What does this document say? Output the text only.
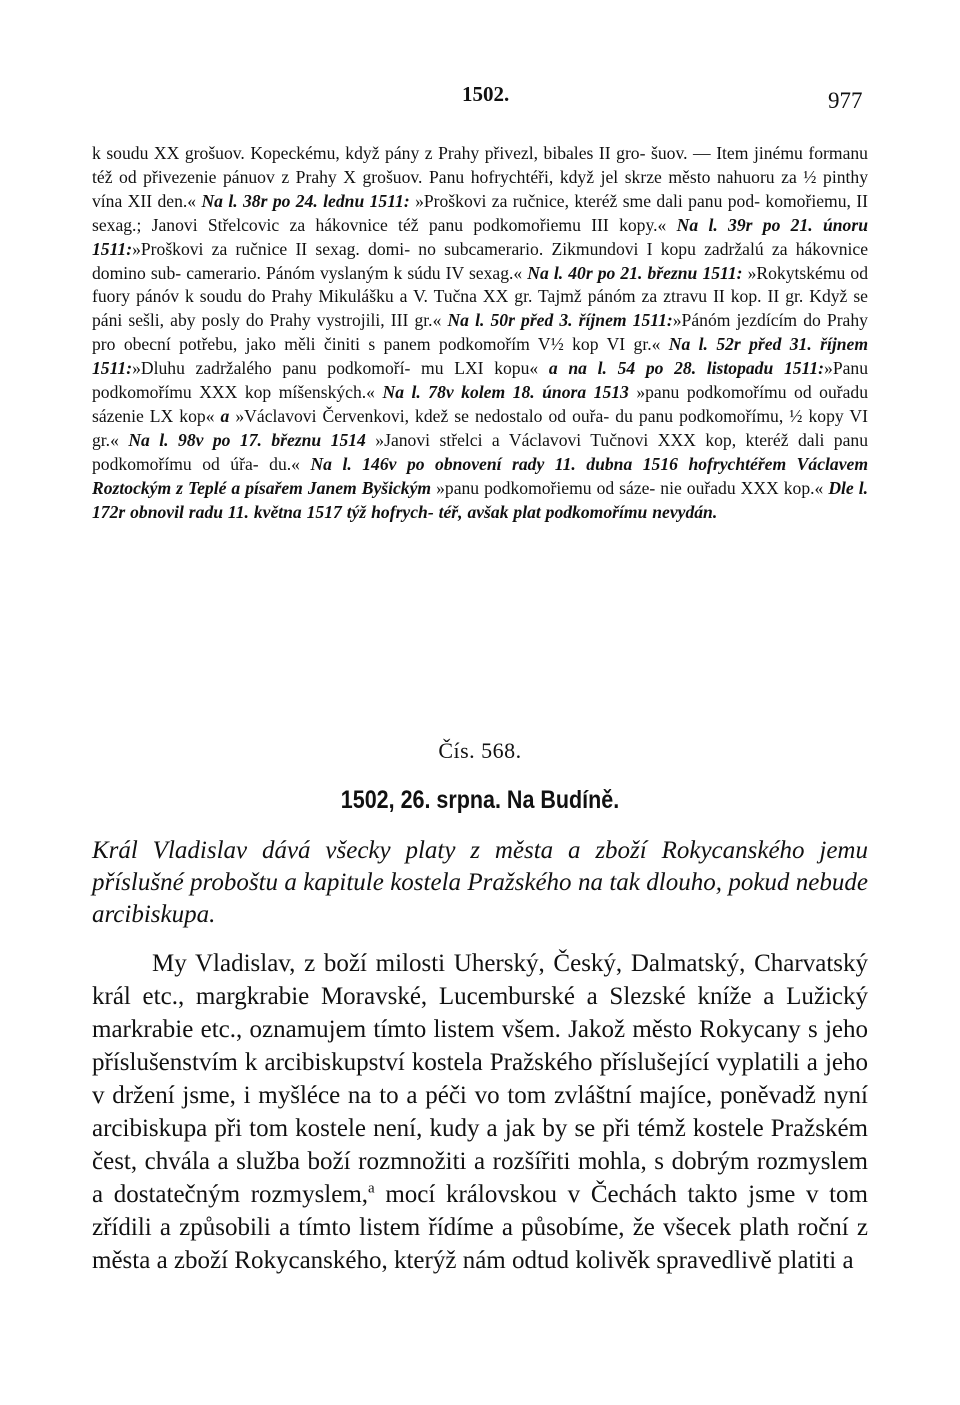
1502.	977

k soudu XX grošuov. Kopeckému, když pány z Prahy přivezl, bibales II gro- šuov. — Item jinému formanu též od přivezenie pánuov z Prahy X grošuov. Panu hofrychtéři, když jel skrze město nahuoru za ½ pinthy vína XII den.« Na l. 38r po 24. lednu 1511: »Proškovi za ručnice, kteréž sme dali panu pod- komořiemu, II sexag.; Janovi Střelcovic za hákovnice též panu podkomořiemu III kopy.« Na l. 39r po 21. únoru 1511:»Proškovi za ručnice II sexag. domi- no subcamerario. Zikmundovi I kopu zadržalú za hákovnice domino sub- camerario. Pánóm vyslaným k súdu IV sexag.« Na l. 40r po 21. březnu 1511: »Rokytskému od fuory pánóv k soudu do Prahy Mikulášku a V. Tučna XX gr. Tajmž pánóm za ztravu II kop. II gr. Když se páni sešli, aby posly do Prahy vystrojili, III gr.« Na l. 50r před 3. říjnem 1511:»Pánóm jezdícím do Prahy pro obecní potřebu, jako měli činiti s panem podkomořím V½ kop VI gr.« Na l. 52r před 31. říjnem 1511:»Dluhu zadržalého panu podkomoří- mu LXI kopu« a na l. 54 po 28. listopadu 1511:»Panu podkomořímu XXX kop míšenských.« Na l. 78v kolem 18. února 1513 »panu podkomořímu od ouřadu sázenie LX kop« a »Václavovi Červenkovi, kdež se nedostalo od ouřa- du panu podkomořímu, ½ kopy VI gr.« Na l. 98v po 17. březnu 1514 »Janovi střelci a Václavovi Tučnovi XXX kop, kteréž dali panu podkomořímu od úřa- du.« Na l. 146v po obnovení rady 11. dubna 1516 hofrychtéřem Václavem Roztockým z Teplé a písařem Janem Byšickým »panu podkomořiemu od sáze- nie ouřadu XXX kop.« Dle l. 172r obnovil radu 11. května 1517 týž hofrych- téř, avšak plat podkomořímu nevydán.

Čís. 568.
1502, 26. srpna. Na Budíně.

Král Vladislav dává všecky platy z města a zboží Rokycanského jemu příslušné proboštu a kapitule kostela Pražského na tak dlouho, pokud nebude arcibiskupa.

My Vladislav, z boží milosti Uherský, Český, Dalmatský, Charvatský král etc., margkrabie Moravské, Lucemburské a Slezské kníže a Lužický markrabie etc., oznamujem tímto listem všem. Jakož město Rokycany s jeho příslušenstvím k arcibiskupství kostela Pražského příslušející vyplatili a jeho v držení jsme, i myšléce na to a péči vo tom zvláštní majíce, poněvadž nyní arcibiskupa při tom kostele není, kudy a jak by se při témž kostele Pražském čest, chvála a služba boží rozmnožiti a rozšířiti mohla, s dobrým rozmyslem a dostatečným rozmyslem,$^a$ mocí královskou v Čechách takto jsme v tom zřídili a způsobili a tímto listem řídíme a působíme, že všecek plath roční z města a zboží Rokycanského, kterýž nám odtud kolivěk spravedlivě platiti a
